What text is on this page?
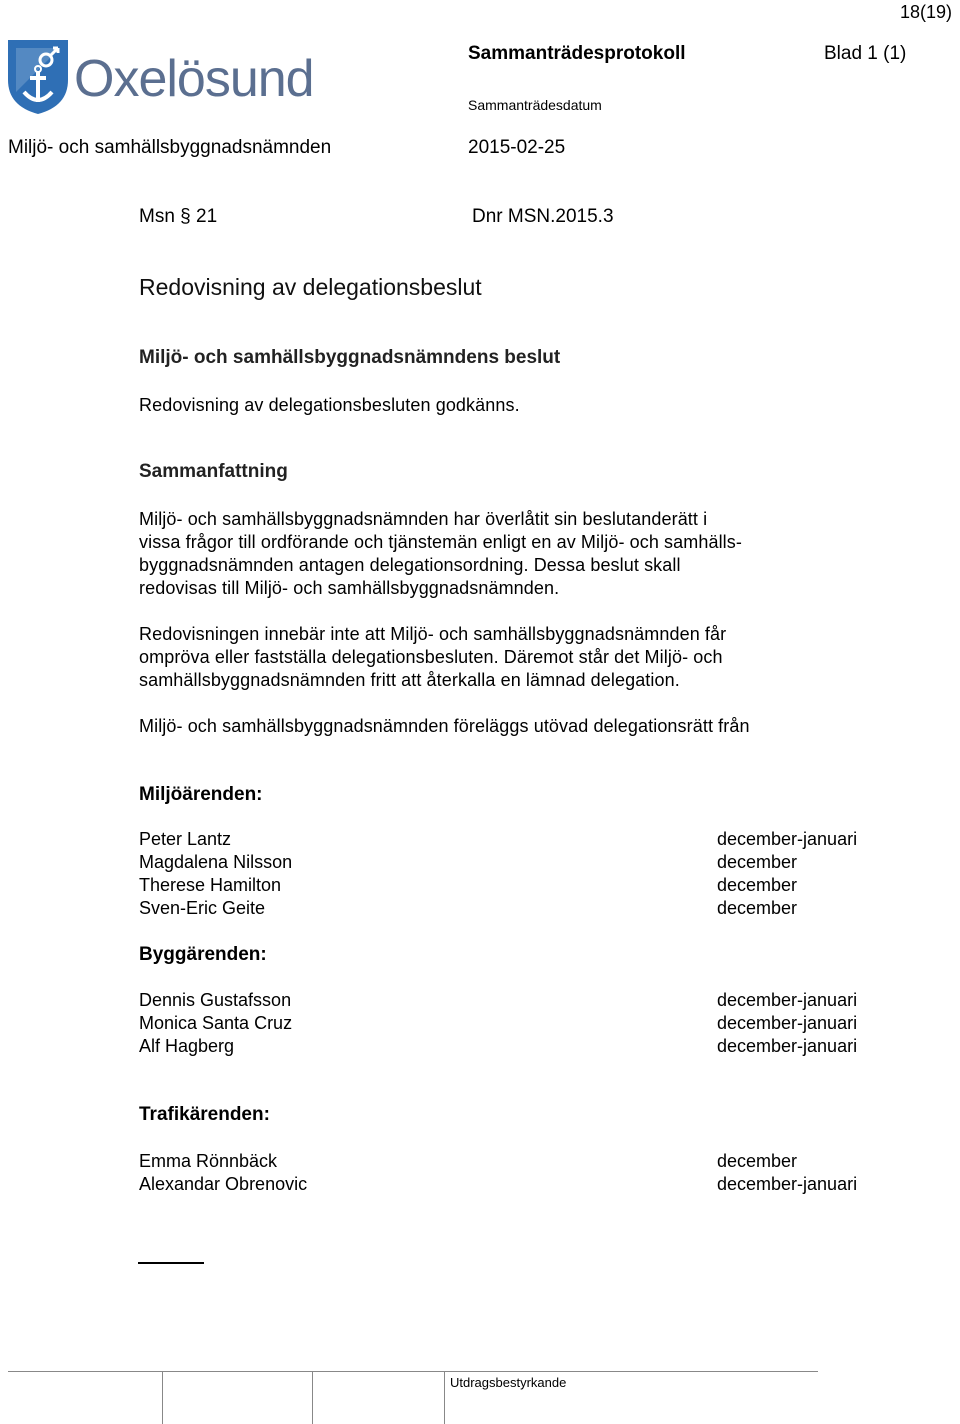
18(19)
Oxelösund	Sammanträdesprotokoll	Blad 1 (1)
Sammanträdesdatum
Miljö- och samhällsbyggnadsnämnden	2015-02-25
Msn § 21	Dnr MSN.2015.3
Redovisning av delegationsbeslut
Miljö- och samhällsbyggnadsnämndens beslut
Redovisning av delegationsbesluten godkänns.
Sammanfattning
Miljö- och samhällsbyggnadsnämnden har överlåtit sin beslutanderätt i
vissa frågor till ordförande och tjänstemän enligt en av Miljö- och samhälls-
byggnadsnämnden antagen delegationsordning. Dessa beslut skall
redovisas till Miljö- och samhällsbyggnadsnämnden.
Redovisningen innebär inte att Miljö- och samhällsbyggnadsnämnden får
ompröva eller fastställa delegationsbesluten. Däremot står det Miljö- och
samhällsbyggnadsnämnden fritt att återkalla en lämnad delegation.
Miljö- och samhällsbyggnadsnämnden föreläggs utövad delegationsrätt från
Miljöärenden:
Peter Lantz	december-januari
Magdalena Nilsson	december
Therese Hamilton	december
Sven-Eric Geite	december
Byggärenden:
Dennis Gustafsson	december-januari
Monica Santa Cruz	december-januari
Alf Hagberg	december-januari
Trafikärenden:
Emma Rönnbäck	december
Alexandar Obrenovic	december-januari
Utdragsbestyrkande
